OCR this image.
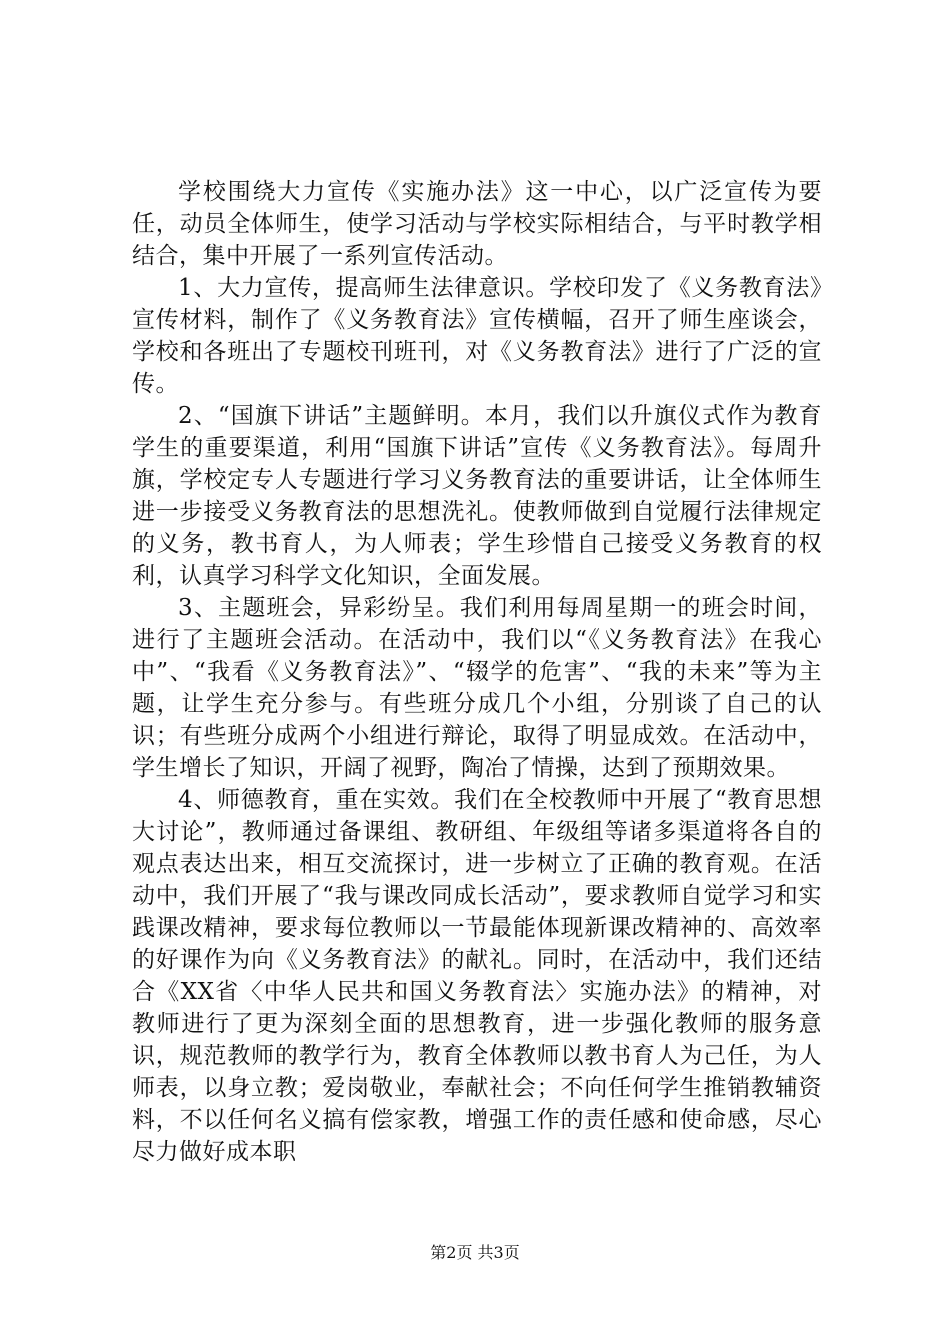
学校围绕大力宣传《实施办法》这一中心，以广泛宣传为要任，动员全体师生，使学习活动与学校实际相结合，与平时教学相结合，集中开展了一系列宣传活动。

1、大力宣传，提高师生法律意识。学校印发了《义务教育法》宣传材料，制作了《义务教育法》宣传横幅，召开了师生座谈会，学校和各班出了专题校刊班刊，对《义务教育法》进行了广泛的宣传。

2、“国旗下讲话”主题鲜明。本月，我们以升旗仪式作为教育学生的重要渠道，利用“国旗下讲话”宣传《义务教育法》。每周升旗，学校定专人专题进行学习义务教育法的重要讲话，让全体师生进一步接受义务教育法的思想洗礼。使教师做到自觉履行法律规定的义务，教书育人，为人师表；学生珍惜自己接受义务教育的权利，认真学习科学文化知识，全面发展。

3、主题班会，异彩纷呈。我们利用每周星期一的班会时间，进行了主题班会活动。在活动中，我们以“《义务教育法》在我心中”、“我看《义务教育法》”、“辍学的危害”、“我的未来”等为主题，让学生充分参与。有些班分成几个小组，分别谈了自己的认识；有些班分成两个小组进行辩论，取得了明显成效。在活动中，学生增长了知识，开阔了视野，陶冶了情操，达到了预期效果。

4、师德教育，重在实效。我们在全校教师中开展了“教育思想大讨论”，教师通过备课组、教研组、年级组等诸多渠道将各自的观点表达出来，相互交流探讨，进一步树立了正确的教育观。在活动中，我们开展了“我与课改同成长活动”，要求教师自觉学习和实践课改精神，要求每位教师以一节最能体现新课改精神的、高效率的好课作为向《义务教育法》的献礼。同时，在活动中，我们还结合《XX省〈中华人民共和国义务教育法〉实施办法》的精神，对教师进行了更为深刻全面的思想教育，进一步强化教师的服务意识，规范教师的教学行为，教育全体教师以教书育人为己任，为人师表，以身立教；爱岗敬业，奉献社会；不向任何学生推销教辅资料，不以任何名义搞有偿家教，增强工作的责任感和使命感，尽心尽力做好成本职

第2页 共3页
